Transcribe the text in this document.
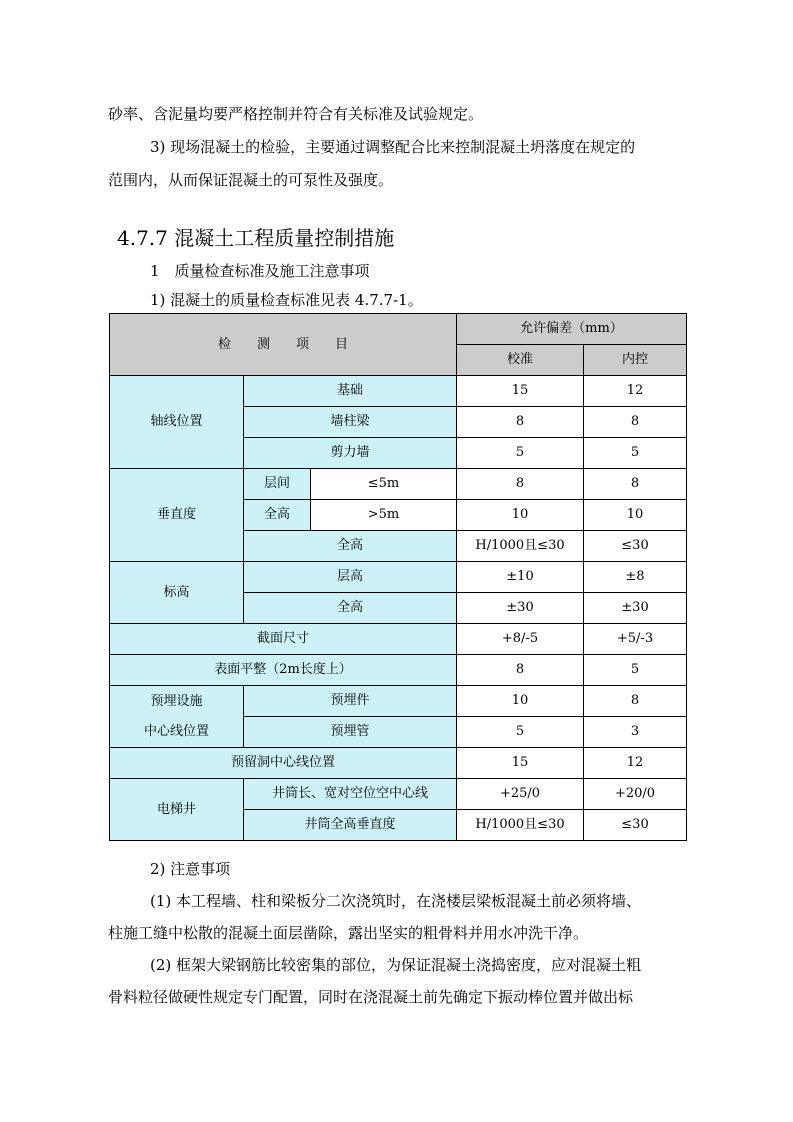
砂率、含泥量均要严格控制并符合有关标准及试验规定。
3) 现场混凝土的检验，主要通过调整配合比来控制混凝土坍落度在规定的
范围内，从而保证混凝土的可泵性及强度。
4.7.7 混凝土工程质量控制措施
1　质量检查标准及施工注意事项
1) 混凝土的质量检查标准见表 4.7.7-1。
检　　测　　项　　目			允许偏差（mm）	
			校准	内控
轴线位置	基础		15	12
	墙柱梁		8	8
	剪力墙		5	5
垂直度	层间	≤5m	8	8
	全高	>5m	10	10
	全高		H/1000且≤30	≤30
标高	层高		±10	±8
	全高		±30	±30
截面尺寸			+8/-5	+5/-3
表面平整（2m长度上）			8	5
预埋设施
中心线位置	预埋件		10	8
	预埋管		5	3
预留洞中心线位置			15	12
电梯井	井筒长、宽对空位空中心线		+25/0	+20/0
	井筒全高垂直度		H/1000且≤30	≤30
2) 注意事项
(1) 本工程墙、柱和梁板分二次浇筑时，在浇楼层梁板混凝土前必须将墙、
柱施工缝中松散的混凝土面层凿除，露出坚实的粗骨料并用水冲洗干净。
(2) 框架大梁钢筋比较密集的部位，为保证混凝土浇捣密度，应对混凝土粗
骨料粒径做硬性规定专门配置，同时在浇混凝土前先确定下振动棒位置并做出标
